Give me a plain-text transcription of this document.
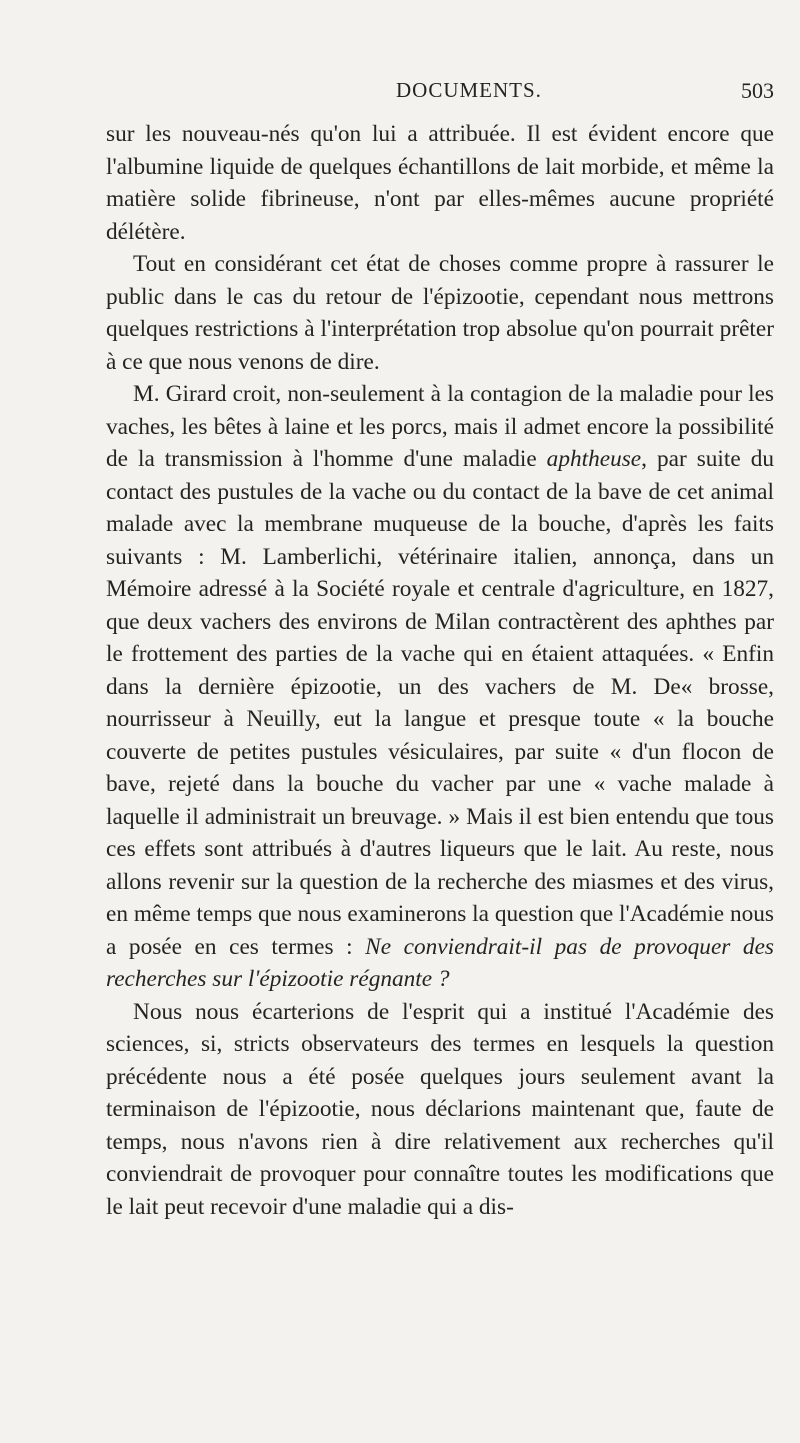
DOCUMENTS.	503

sur les nouveau-nés qu'on lui a attribuée. Il est évident encore que l'albumine liquide de quelques échantillons de lait morbide, et même la matière solide fibrineuse, n'ont par elles-mêmes aucune propriété délétère.

Tout en considérant cet état de choses comme propre à rassurer le public dans le cas du retour de l'épizootie, cependant nous mettrons quelques restrictions à l'interprétation trop absolue qu'on pourrait prêter à ce que nous venons de dire.

M. Girard croit, non-seulement à la contagion de la maladie pour les vaches, les bêtes à laine et les porcs, mais il admet encore la possibilité de la transmission à l'homme d'une maladie aphtheuse, par suite du contact des pustules de la vache ou du contact de la bave de cet animal malade avec la membrane muqueuse de la bouche, d'après les faits suivants : M. Lamberlichi, vétérinaire italien, annonça, dans un Mémoire adressé à la Société royale et centrale d'agriculture, en 1827, que deux vachers des environs de Milan contractèrent des aphthes par le frottement des parties de la vache qui en étaient attaquées. « Enfin dans la dernière épizootie, un des vachers de M. De« brosse, nourrisseur à Neuilly, eut la langue et presque toute « la bouche couverte de petites pustules vésiculaires, par suite « d'un flocon de bave, rejeté dans la bouche du vacher par une « vache malade à laquelle il administrait un breuvage. » Mais il est bien entendu que tous ces effets sont attribués à d'autres liqueurs que le lait. Au reste, nous allons revenir sur la question de la recherche des miasmes et des virus, en même temps que nous examinerons la question que l'Académie nous a posée en ces termes : Ne conviendrait-il pas de provoquer des recherches sur l'épizootie régnante ?

Nous nous écarterions de l'esprit qui a institué l'Académie des sciences, si, stricts observateurs des termes en lesquels la question précédente nous a été posée quelques jours seulement avant la terminaison de l'épizootie, nous déclarions maintenant que, faute de temps, nous n'avons rien à dire relativement aux recherches qu'il conviendrait de provoquer pour connaître toutes les modifications que le lait peut recevoir d'une maladie qui a dis-
